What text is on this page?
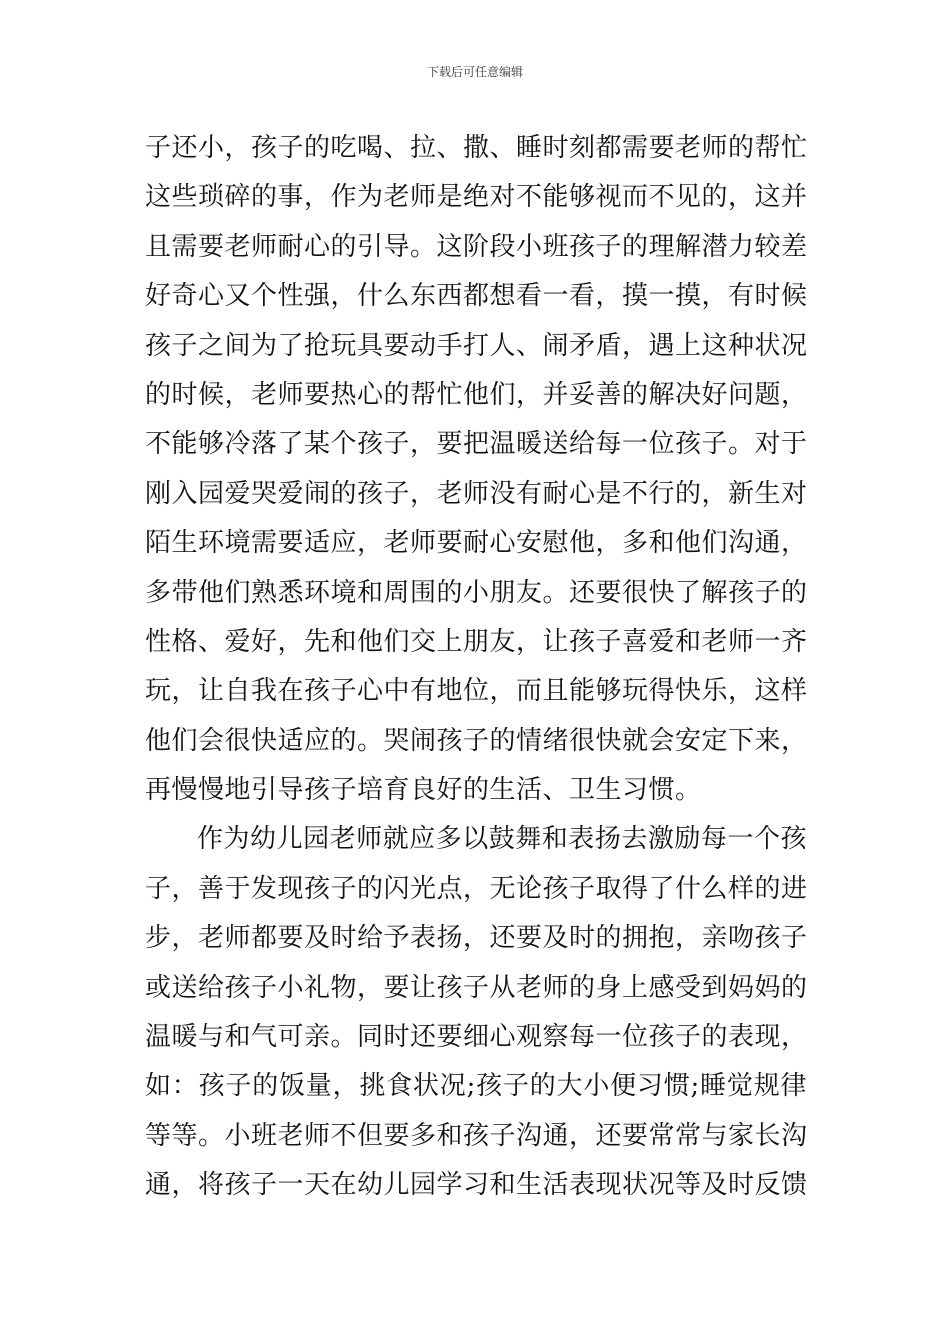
下载后可任意编辑
子还小，孩子的吃喝、拉、撒、睡时刻都需要老师的帮忙
这些琐碎的事，作为老师是绝对不能够视而不见的，这并
且需要老师耐心的引导。这阶段小班孩子的理解潜力较差
好奇心又个性强，什么东西都想看一看，摸一摸，有时候
孩子之间为了抢玩具要动手打人、闹矛盾，遇上这种状况
的时候，老师要热心的帮忙他们，并妥善的解决好问题，
不能够冷落了某个孩子，要把温暖送给每一位孩子。对于
刚入园爱哭爱闹的孩子，老师没有耐心是不行的，新生对
陌生环境需要适应，老师要耐心安慰他，多和他们沟通，
多带他们熟悉环境和周围的小朋友。还要很快了解孩子的
性格、爱好，先和他们交上朋友，让孩子喜爱和老师一齐
玩，让自我在孩子心中有地位，而且能够玩得快乐，这样
他们会很快适应的。哭闹孩子的情绪很快就会安定下来，
再慢慢地引导孩子培育良好的生活、卫生习惯。
作为幼儿园老师就应多以鼓舞和表扬去激励每一个孩
子，善于发现孩子的闪光点，无论孩子取得了什么样的进
步，老师都要及时给予表扬，还要及时的拥抱，亲吻孩子
或送给孩子小礼物，要让孩子从老师的身上感受到妈妈的
温暖与和气可亲。同时还要细心观察每一位孩子的表现，
如：孩子的饭量，挑食状况;孩子的大小便习惯;睡觉规律
等等。小班老师不但要多和孩子沟通，还要常常与家长沟
通，将孩子一天在幼儿园学习和生活表现状况等及时反馈
